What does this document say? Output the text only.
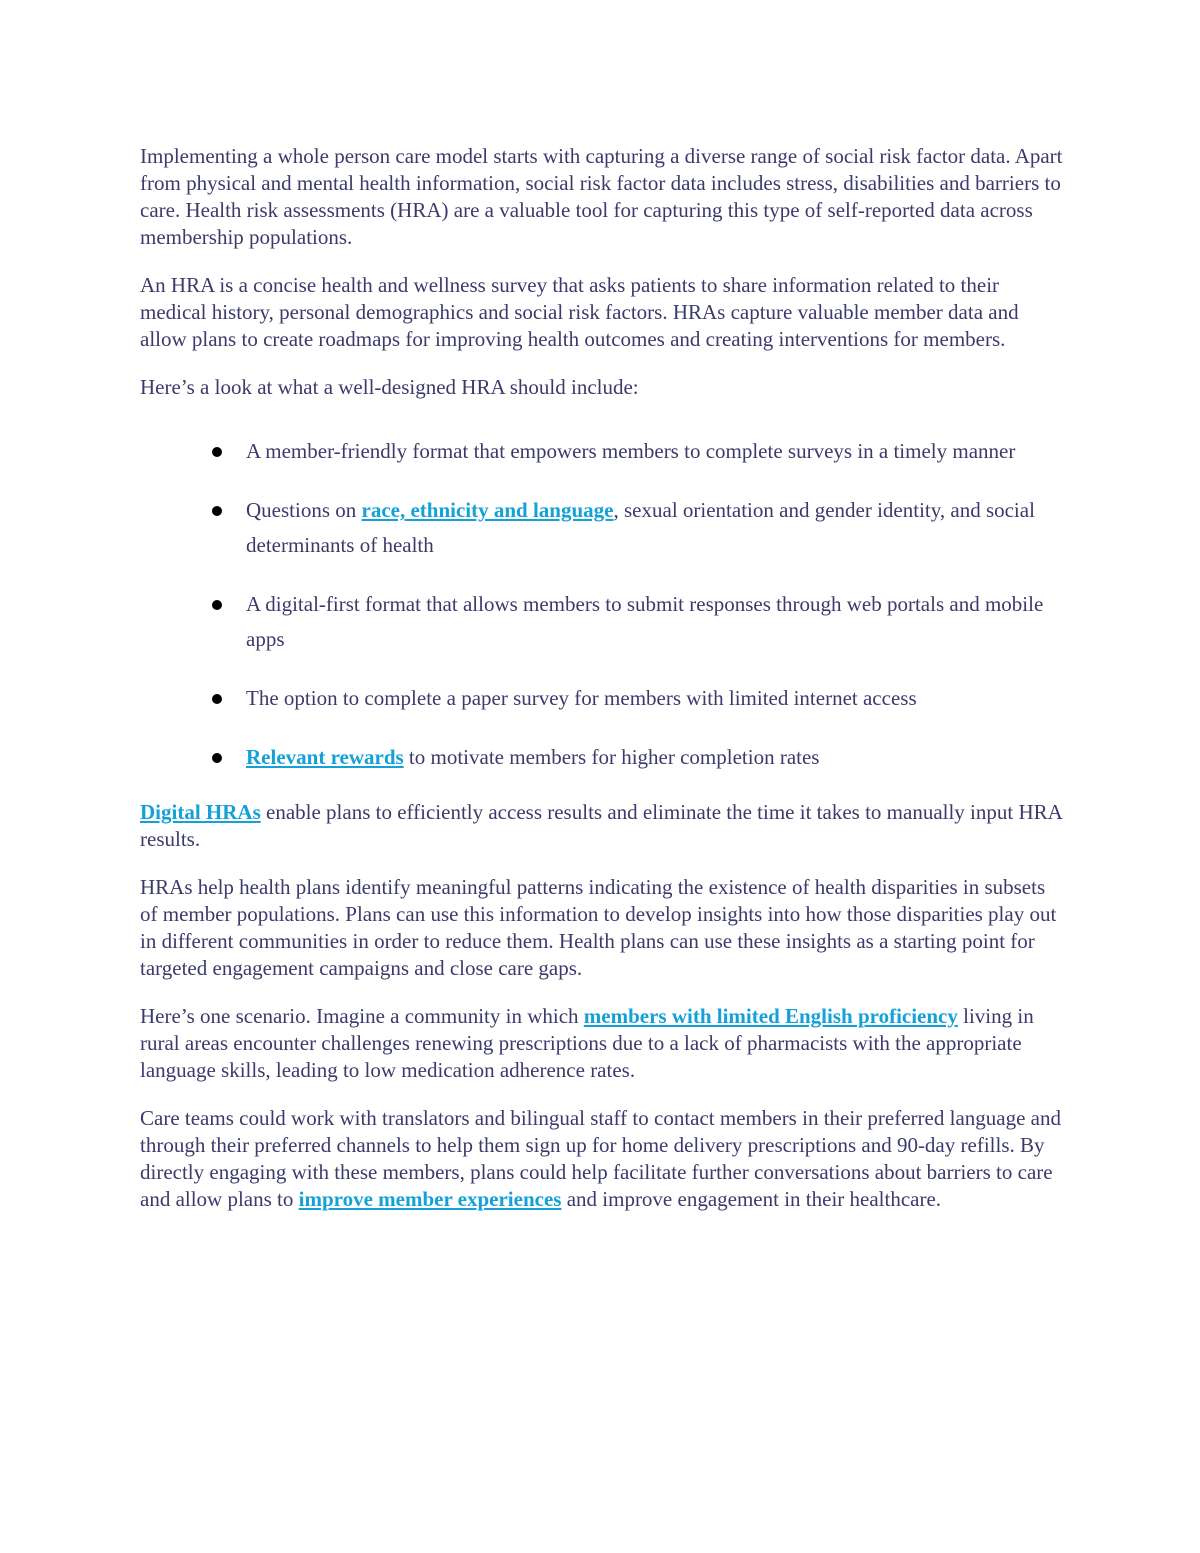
Implementing a whole person care model starts with capturing a diverse range of social risk factor data. Apart from physical and mental health information, social risk factor data includes stress, disabilities and barriers to care. Health risk assessments (HRA) are a valuable tool for capturing this type of self-reported data across membership populations.

An HRA is a concise health and wellness survey that asks patients to share information related to their medical history, personal demographics and social risk factors. HRAs capture valuable member data and allow plans to create roadmaps for improving health outcomes and creating interventions for members.

Here’s a look at what a well-designed HRA should include:

A member-friendly format that empowers members to complete surveys in a timely manner
Questions on race, ethnicity and language, sexual orientation and gender identity, and social determinants of health
A digital-first format that allows members to submit responses through web portals and mobile apps
The option to complete a paper survey for members with limited internet access
Relevant rewards to motivate members for higher completion rates

Digital HRAs enable plans to efficiently access results and eliminate the time it takes to manually input HRA results.

HRAs help health plans identify meaningful patterns indicating the existence of health disparities in subsets of member populations. Plans can use this information to develop insights into how those disparities play out in different communities in order to reduce them. Health plans can use these insights as a starting point for targeted engagement campaigns and close care gaps.

Here’s one scenario. Imagine a community in which members with limited English proficiency living in rural areas encounter challenges renewing prescriptions due to a lack of pharmacists with the appropriate language skills, leading to low medication adherence rates.

Care teams could work with translators and bilingual staff to contact members in their preferred language and through their preferred channels to help them sign up for home delivery prescriptions and 90-day refills. By directly engaging with these members, plans could help facilitate further conversations about barriers to care and allow plans to improve member experiences and improve engagement in their healthcare.
